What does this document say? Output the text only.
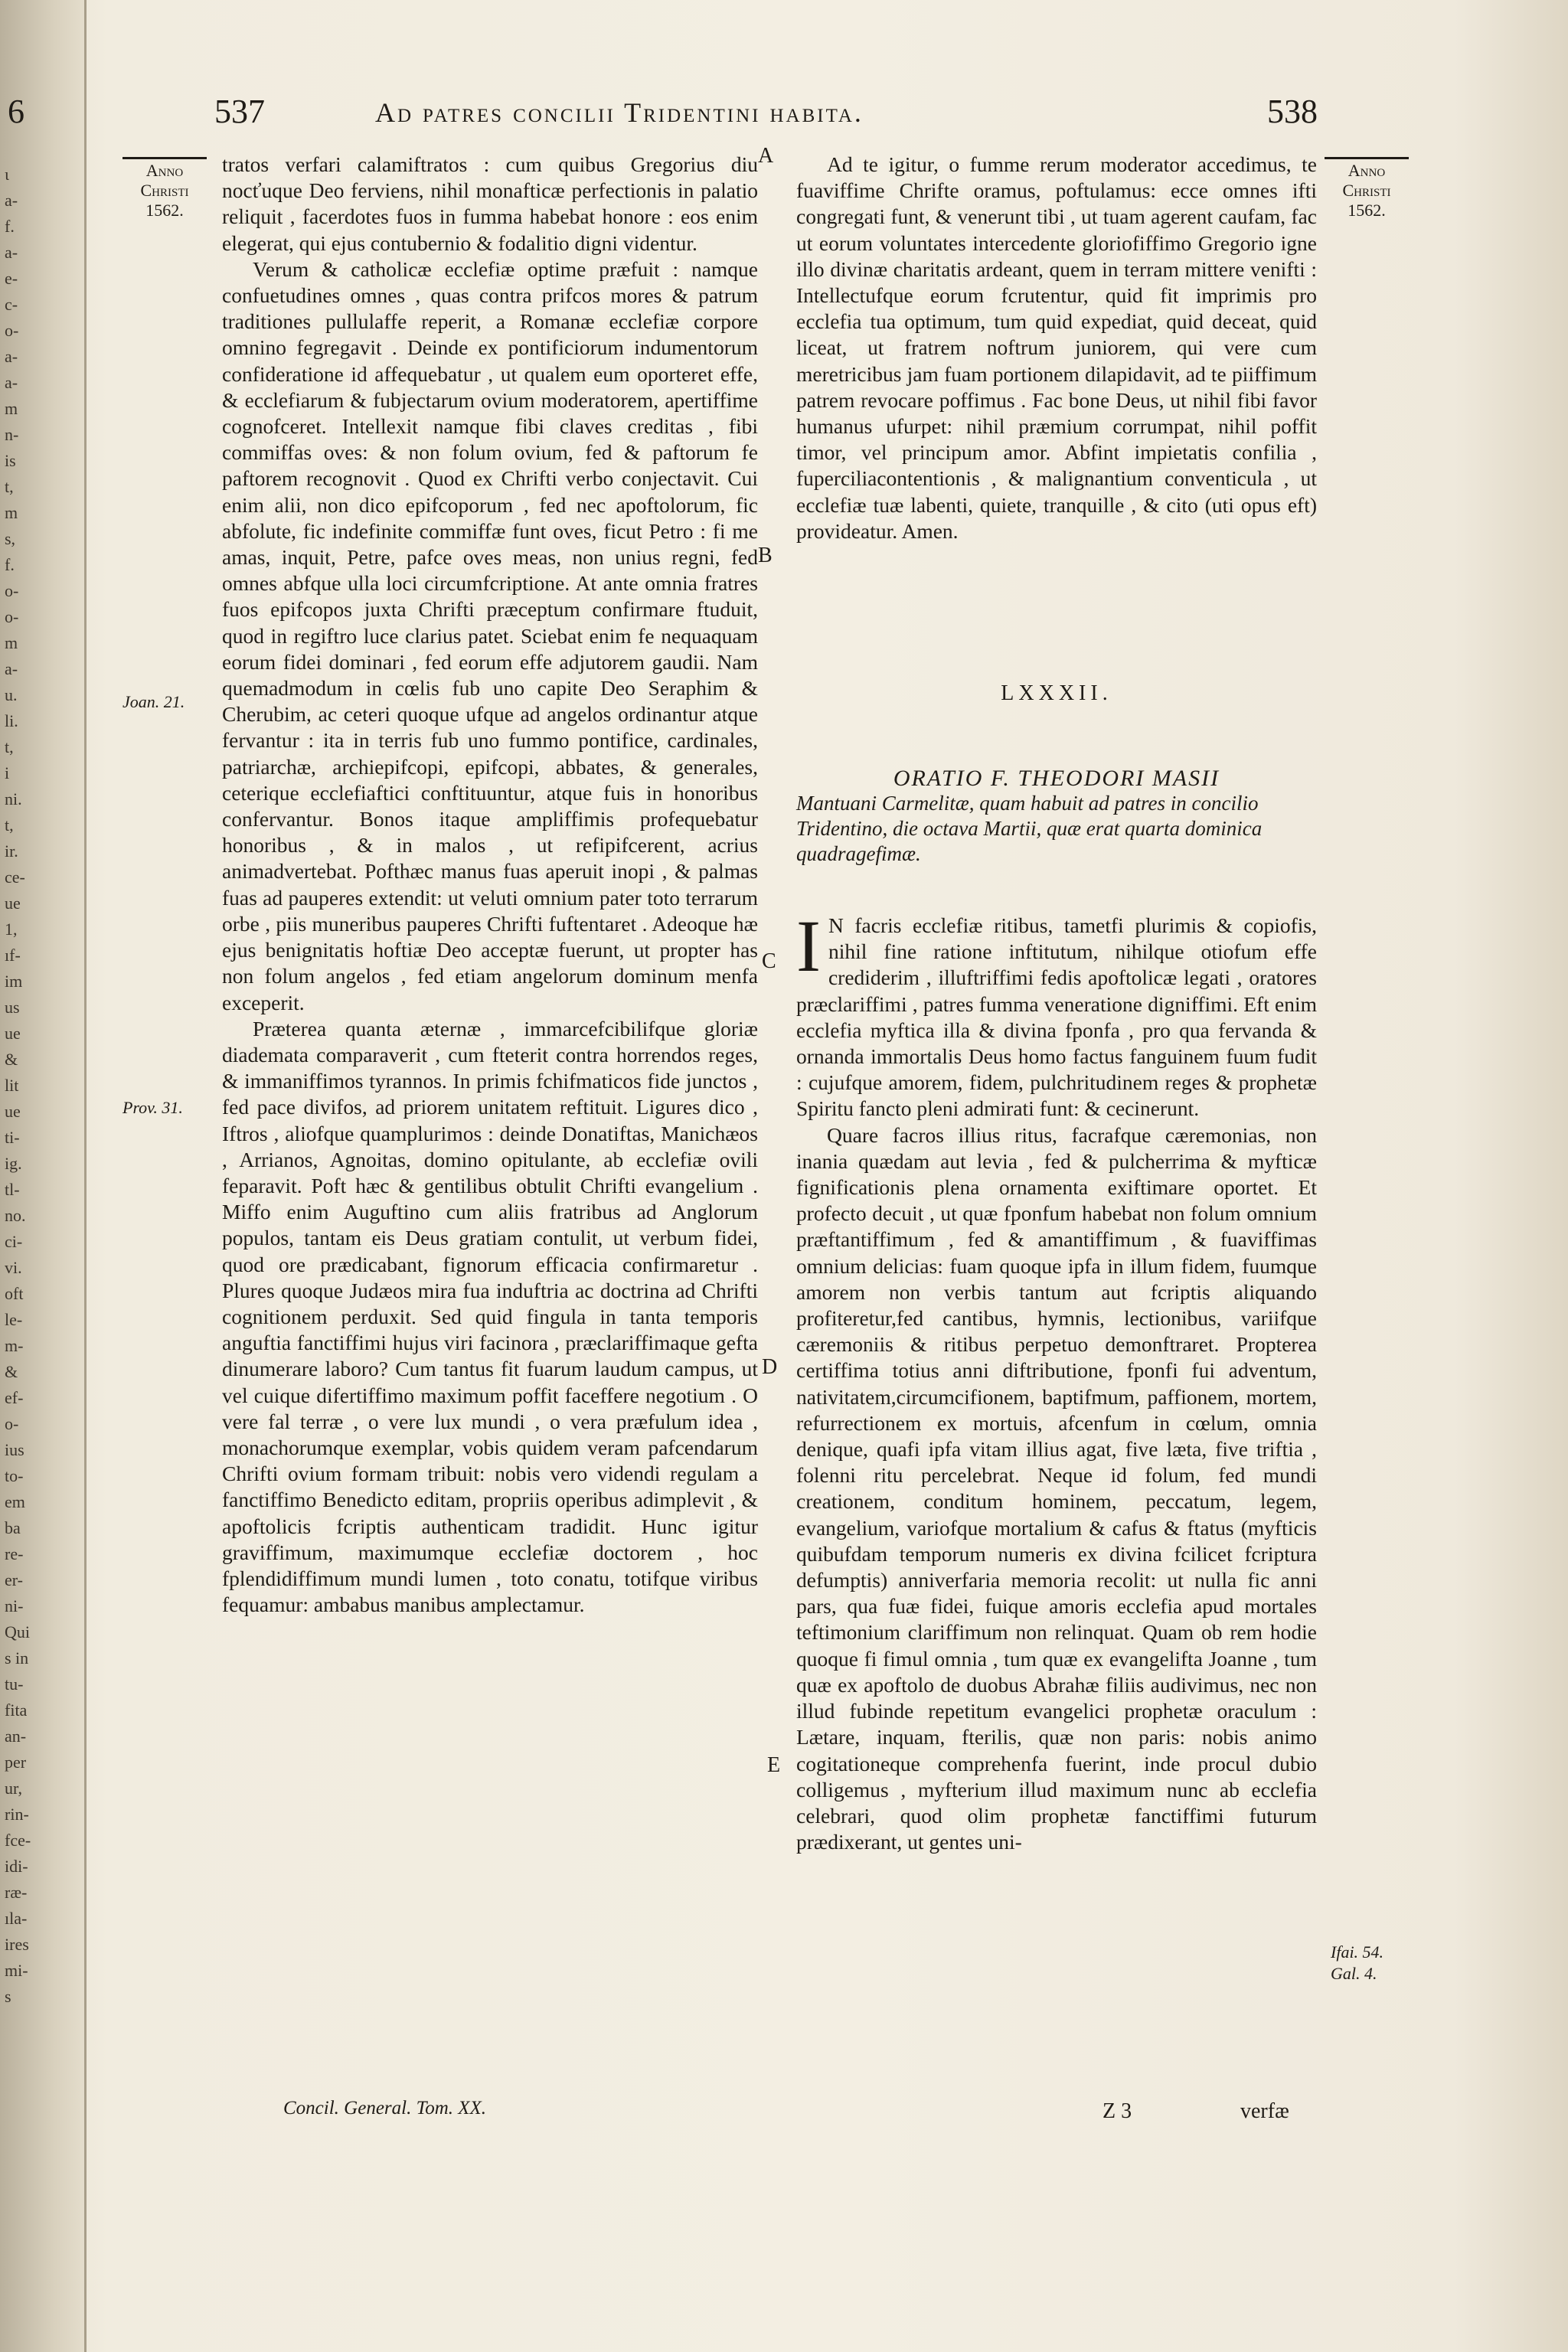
ι
a-
f.
a-
e-
c-
o-
a-
a-
m
n-
is
t,
m
s,
f.
o-
o-
m
a-
u.
li.
t,
i
ni.
t,
ir.
ce-
ue
1,
ıf-
im
us
ue
&
lit
ue
ti-
ig.
tl-
no.
ci-
vi.
oft
le-
m-
&
ef-
o-
ius
to-
em
ba
re-
er-
ni-
Qui
s in
tu-
fita
an-
per
ur,
rin-
fce-
idi-
ræ-
ıla-
ires
mi-
s
6	537	Ad patres concilii Tridentini habita.	538
Anno
Christi
1562.
Anno
Christi
1562.
Joan. 21.
Prov. 31.
A
B
C
D
E

tratos verfari calamiftratos : cum quibus Gregorius diu nocťuque Deo ferviens, nihil monafticæ perfectionis in palatio reliquit , facerdotes fuos in fumma habebat honore : eos enim elegerat, qui ejus contubernio & fodalitio digni videntur.

Verum & catholicæ ecclefiæ optime præfuit : namque confuetudines omnes , quas contra prifcos mores & patrum traditiones pullulaffe reperit, a Romanæ ecclefiæ corpore omnino fegregavit . Deinde ex pontificiorum indumentorum confideratione id affequebatur , ut qualem eum oporteret effe, & ecclefiarum & fubjectarum ovium moderatorem, apertiffime cognofceret. Intellexit namque fibi claves creditas , fibi commiffas oves: & non folum ovium, fed & paftorum fe paftorem recognovit . Quod ex Chrifti verbo conjectavit. Cui enim alii, non dico epifcoporum , fed nec apoftolorum, fic abfolute, fic indefinite commiffæ funt oves, ficut Petro : fi me amas, inquit, Petre, pafce oves meas, non unius regni, fed omnes abfque ulla loci circumfcriptione. At ante omnia fratres fuos epifcopos juxta Chrifti præceptum confirmare ftuduit, quod in regiftro luce clarius patet. Sciebat enim fe nequaquam eorum fidei dominari , fed eorum effe adjutorem gaudii. Nam quemadmodum in cœlis fub uno capite Deo Seraphim & Cherubim, ac ceteri quoque ufque ad angelos ordinantur atque fervantur : ita in terris fub uno fummo pontifice, cardinales, patriarchæ, archiepifcopi, epifcopi, abbates, & generales, ceterique ecclefiaftici conftituuntur, atque fuis in honoribus confervantur. Bonos itaque ampliffimis profequebatur honoribus , & in malos , ut refipifcerent, acrius animadvertebat. Pofthæc manus fuas aperuit inopi , & palmas fuas ad pauperes extendit: ut veluti omnium pater toto terrarum orbe , piis muneribus pauperes Chrifti fuftentaret . Adeoque hæ ejus benignitatis hoftiæ Deo acceptæ fuerunt, ut propter has non folum angelos , fed etiam angelorum dominum menfa exceperit.

Præterea quanta æternæ , immarcefcibilifque gloriæ diademata comparaverit , cum fteterit contra horrendos reges, & immaniffimos tyrannos. In primis fchifmaticos fide junctos , fed pace divifos, ad priorem unitatem reftituit. Ligures dico , Iftros , aliofque quamplurimos : deinde Donatiftas, Manichæos , Arrianos, Agnoitas, domino opitulante, ab ecclefiæ ovili feparavit. Poft hæc & gentilibus obtulit Chrifti evangelium . Miffo enim Auguftino cum aliis fratribus ad Anglorum populos, tantam eis Deus gratiam contulit, ut verbum fidei, quod ore prædicabant, fignorum efficacia confirmaretur . Plures quoque Judæos mira fua induftria ac doctrina ad Chrifti cognitionem perduxit. Sed quid fingula in tanta temporis anguftia fanctiffimi hujus viri facinora , præclariffimaque gefta dinumerare laboro? Cum tantus fit fuarum laudum campus, ut vel cuique difertiffimo maximum poffit faceffere negotium . O vere fal terræ , o vere lux mundi , o vera præfulum idea , monachorumque exemplar, vobis quidem veram pafcendarum Chrifti ovium formam tribuit: nobis vero videndi regulam a fanctiffimo Benedicto editam, propriis operibus adimplevit , & apoftolicis fcriptis authenticam tradidit. Hunc igitur graviffimum, maximumque ecclefiæ doctorem , hoc fplendidiffimum mundi lumen , toto conatu, totifque viribus fequamur: ambabus manibus amplectamur.

Ad te igitur, o fumme rerum moderator accedimus, te fuaviffime Chrifte oramus, poftulamus: ecce omnes ifti congregati funt, & venerunt tibi , ut tuam agerent caufam, fac ut eorum voluntates intercedente gloriofiffimo Gregorio igne illo divinæ charitatis ardeant, quem in terram mittere venifti : Intellectufque eorum fcrutentur, quid fit imprimis pro ecclefia tua optimum, tum quid expediat, quid deceat, quid liceat, ut fratrem noftrum juniorem, qui vere cum meretricibus jam fuam portionem dilapidavit, ad te piiffimum patrem revocare poffimus . Fac bone Deus, ut nihil fibi favor humanus ufurpet: nihil præmium corrumpat, nihil poffit timor, vel principum amor. Abfint impietatis confilia , fuperciliacontentionis , & malignantium conventicula , ut ecclefiæ tuæ labenti, quiete, tranquille , & cito (uti opus eft) provideatur. Amen.

LXXXII.
ORATIO F. THEODORI MASII
Mantuani Carmelitæ, quam habuit ad patres in concilio Tridentino, die octava Martii, quæ erat quarta dominica quadragefimæ.

I N facris ecclefiæ ritibus, tametfi plurimis & copiofis, nihil fine ratione inftitutum, nihilque otiofum effe crediderim , illuftriffimi fedis apoftolicæ legati , oratores præclariffimi , patres fumma veneratione digniffimi. Eft enim ecclefia myftica illa & divina fponfa , pro qua fervanda & ornanda immortalis Deus homo factus fanguinem fuum fudit : cujufque amorem, fidem, pulchritudinem reges & prophetæ Spiritu fancto pleni admirati funt: & cecinerunt.

Quare facros illius ritus, facrafque cæremonias, non inania quædam aut levia , fed & pulcherrima & myfticæ fignificationis plena ornamenta exiftimare oportet. Et profecto decuit , ut quæ fponfum habebat non folum omnium præftantiffimum , fed & amantiffimum , & fuaviffimas omnium delicias: fuam quoque ipfa in illum fidem, fuumque amorem non verbis tantum aut fcriptis aliquando profiteretur,fed cantibus, hymnis, lectionibus, variifque cæremoniis & ritibus perpetuo demonftraret. Propterea certiffima totius anni diftributione, fponfi fui adventum, nativitatem,circumcifionem, baptifmum, paffionem, mortem, refurrectionem ex mortuis, afcenfum in cœlum, omnia denique, quafi ipfa vitam illius agat, five læta, five triftia , folenni ritu percelebrat. Neque id folum, fed mundi creationem, conditum hominem, peccatum, legem, evangelium, variofque mortalium & cafus & ftatus (myfticis quibufdam temporum numeris ex divina fcilicet fcriptura defumptis) anniverfaria memoria recolit: ut nulla fic anni pars, qua fuæ fidei, fuique amoris ecclefia apud mortales teftimonium clariffimum non relinquat. Quam ob rem hodie quoque fi fimul omnia , tum quæ ex evangelifta Joanne , tum quæ ex apoftolo de duobus Abrahæ filiis audivimus, nec non illud fubinde repetitum evangelici prophetæ oraculum : Lætare, inquam, fterilis, quæ non paris: nobis animo cogitationeque comprehenfa fuerint, inde procul dubio colligemus , myfterium illud maximum nunc ab ecclefia celebrari, quod olim prophetæ fanctiffimi futurum prædixerant, ut gentes uni-

Ifai. 54.
Gal. 4.
Concil. General. Tom. XX.	Z 3	verfæ
